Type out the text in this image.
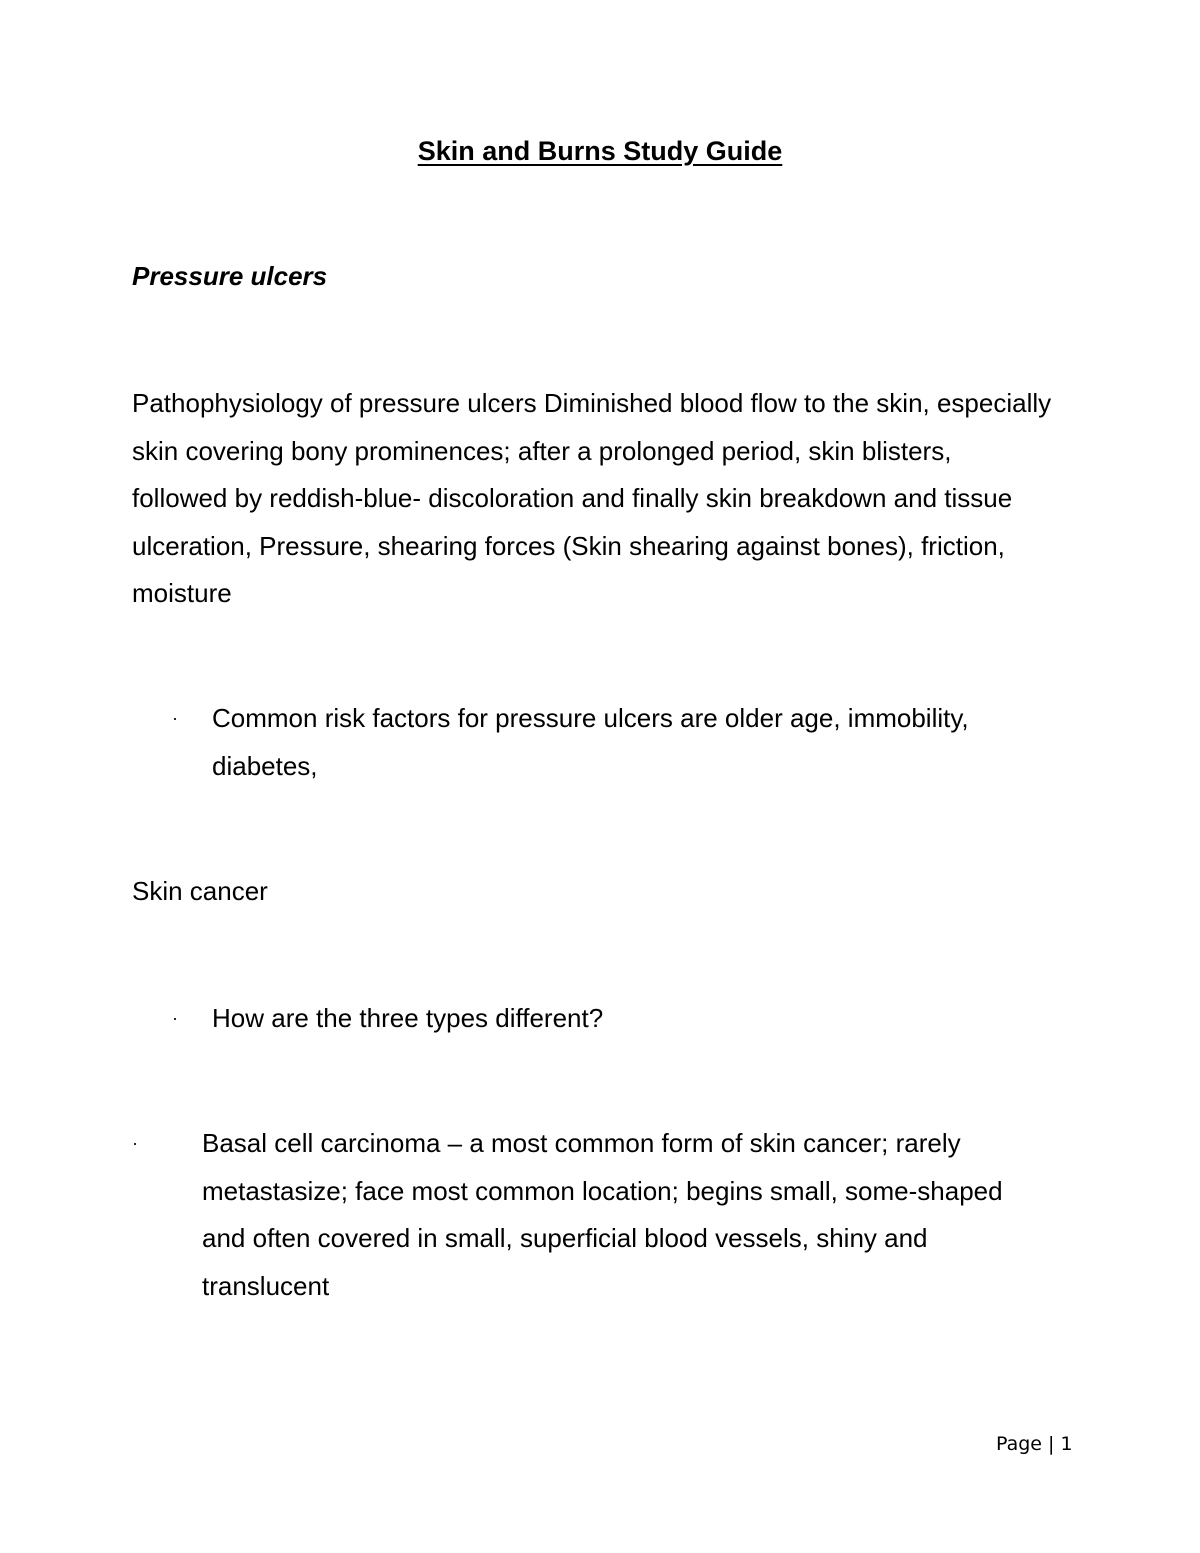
Skin and Burns Study Guide
Pressure ulcers

Pathophysiology of pressure ulcers Diminished blood flow to the skin, especially skin covering bony prominences; after a prolonged period, skin blisters, followed by reddish-blue- discoloration and finally skin breakdown and tissue ulceration, Pressure, shearing forces (Skin shearing against bones), friction, moisture

· Common risk factors for pressure ulcers are older age, immobility, diabetes,

Skin cancer

· How are the three types different?
· Basal cell carcinoma – a most common form of skin cancer; rarely metastasize; face most common location; begins small, some-shaped and often covered in small, superficial blood vessels, shiny and translucent
Page | 1
